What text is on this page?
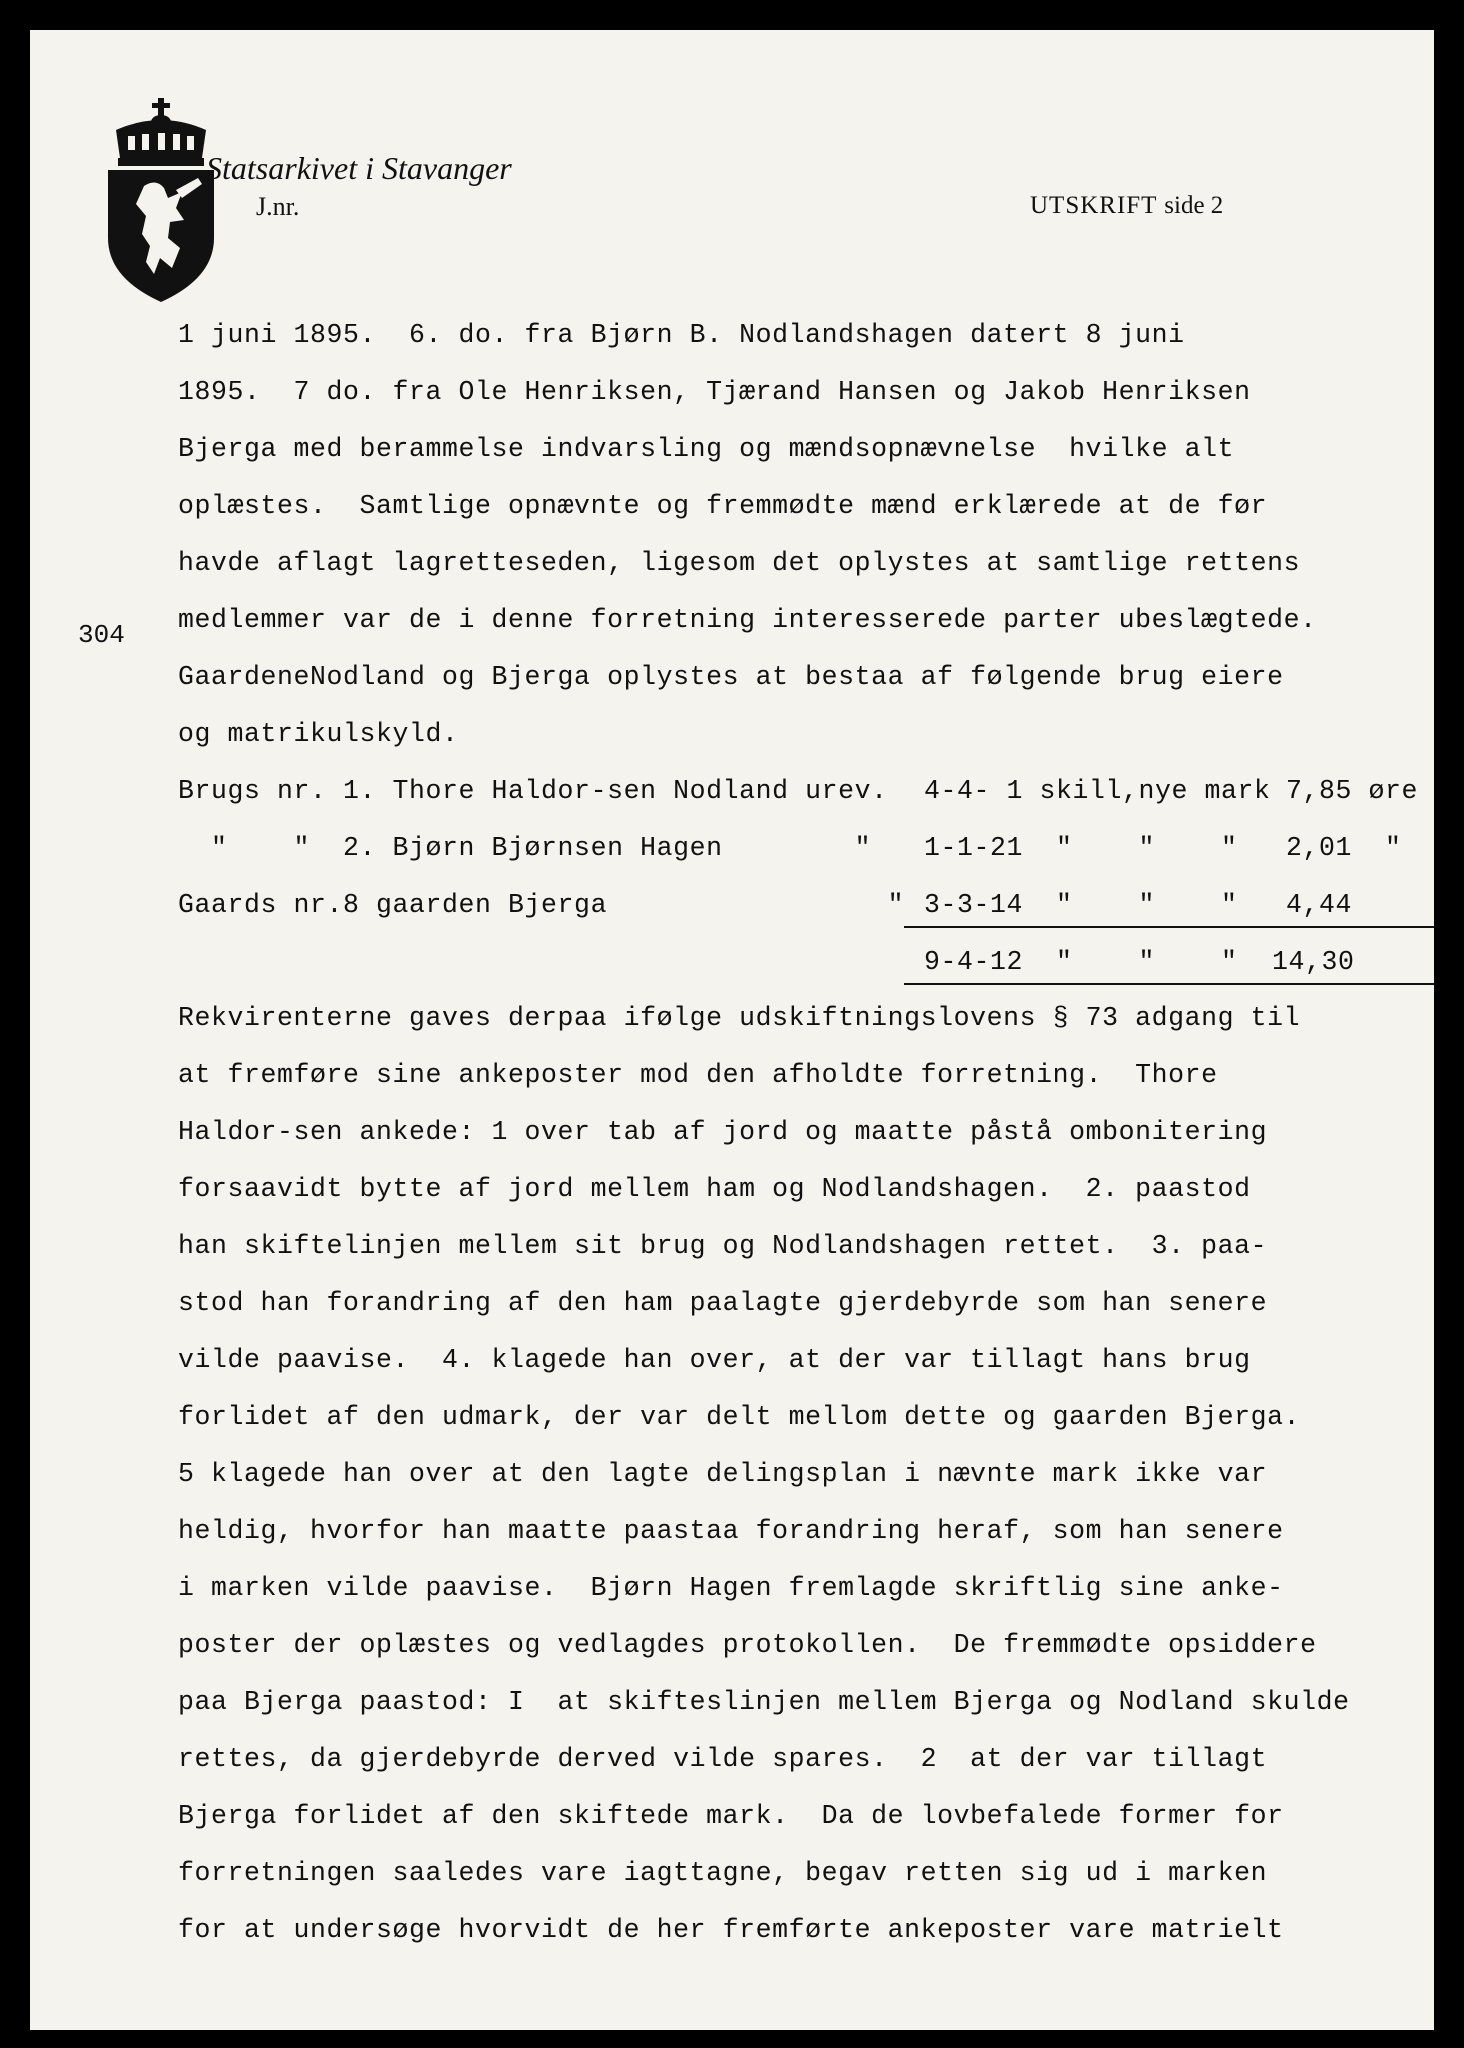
Statsarkivet i Stavanger
J.nr.	UTSKRIFT side 2
304
1 juni 1895.  6. do. fra Bjørn B. Nodlandshagen datert 8 juni
1895.  7 do. fra Ole Henriksen, Tjærand Hansen og Jakob Henriksen
Bjerga med berammelse indvarsling og mændsopnævnelse  hvilke alt
oplæstes.  Samtlige opnævnte og fremmødte mænd erklærede at de før
havde aflagt lagretteseden, ligesom det oplystes at samtlige rettens
medlemmer var de i denne forretning interesserede parter ubeslægtede.
GaardeneNodland og Bjerga oplystes at bestaa af følgende brug eiere
og matrikulskyld.
Brugs nr. 1. Thore Haldor-sen Nodland urev. 4-4- 1 skill,nye mark 7,85 øre
"    "  2. Bjørn Bjørnsen Hagen        " 1-1-21  "    "    " 2,01  "
Gaards nr.8 gaarden Bjerga                 " 3-3-14  "    "    " 4,44
9-4-12  "    "    " 14,30
Rekvirenterne gaves derpaa ifølge udskiftningslovens § 73 adgang til
at fremføre sine ankeposter mod den afholdte forretning.  Thore
Haldor-sen ankede: 1 over tab af jord og maatte påstå ombonitering
forsaavidt bytte af jord mellem ham og Nodlandshagen.  2. paastod
han skiftelinjen mellem sit brug og Nodlandshagen rettet.  3. paa-
stod han forandring af den ham paalagte gjerdebyrde som han senere
vilde paavise.  4. klagede han over, at der var tillagt hans brug
forlidet af den udmark, der var delt mellom dette og gaarden Bjerga.
5 klagede han over at den lagte delingsplan i nævnte mark ikke var
heldig, hvorfor han maatte paastaa forandring heraf, som han senere
i marken vilde paavise.  Bjørn Hagen fremlagde skriftlig sine anke-
poster der oplæstes og vedlagdes protokollen.  De fremmødte opsiddere
paa Bjerga paastod: I  at skifteslinjen mellem Bjerga og Nodland skulde
rettes, da gjerdebyrde derved vilde spares.  2  at der var tillagt
Bjerga forlidet af den skiftede mark.  Da de lovbefalede former for
forretningen saaledes vare iagttagne, begav retten sig ud i marken
for at undersøge hvorvidt de her fremførte ankeposter vare matrielt
